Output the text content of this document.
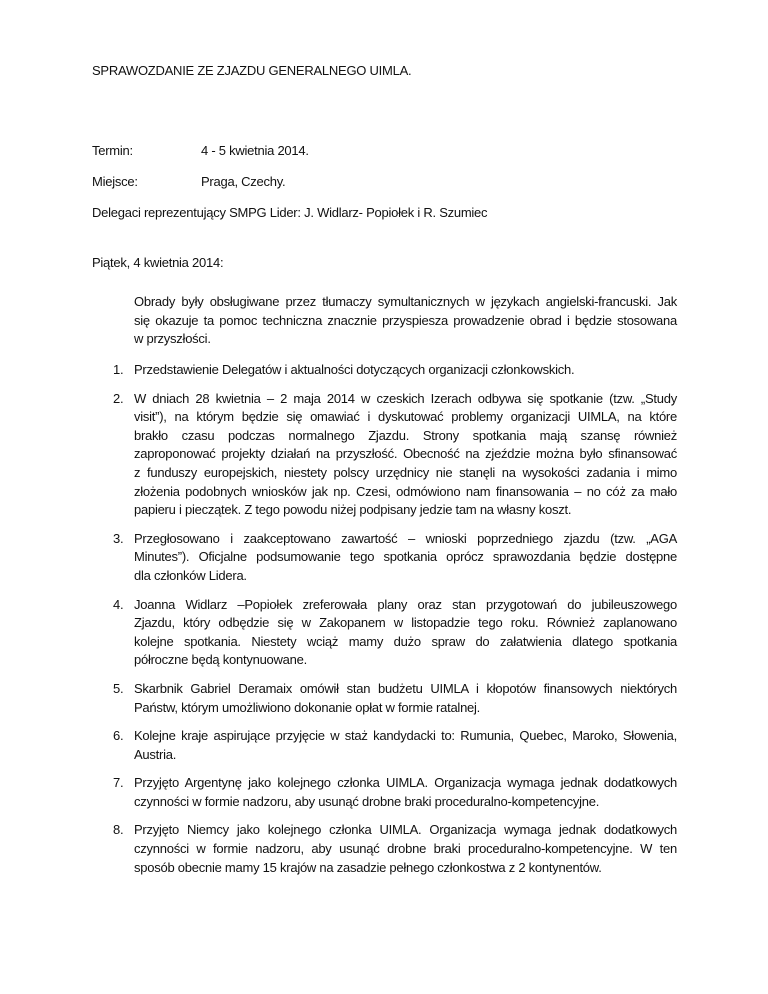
SPRAWOZDANIE ZE ZJAZDU GENERALNEGO UIMLA.
Termin:	4 - 5 kwietnia 2014.
Miejsce:	Praga, Czechy.
Delegaci reprezentujący SMPG Lider: J. Widlarz- Popiołek i R. Szumiec
Piątek, 4 kwietnia 2014:
Obrady były obsługiwane przez tłumaczy symultanicznych w językach angielski-francuski. Jak
się okazuje ta pomoc techniczna znacznie przyspiesza prowadzenie obrad i będzie stosowana
w przyszłości.
1. Przedstawienie Delegatów i aktualności dotyczących organizacji członkowskich.
2. W dniach 28 kwietnia – 2 maja 2014 w czeskich Izerach odbywa się spotkanie (tzw. „Study
visit”), na którym będzie się omawiać i dyskutować problemy organizacji UIMLA, na które
brakło czasu podczas normalnego Zjazdu. Strony spotkania mają szansę również
zaproponować projekty działań na przyszłość. Obecność na zjeździe można było sfinansować
z funduszy europejskich, niestety polscy urzędnicy nie stanęli na wysokości zadania i mimo
złożenia podobnych wniosków jak np. Czesi, odmówiono nam finansowania – no cóż za mało
papieru i pieczątek. Z tego powodu niżej podpisany jedzie tam na własny koszt.
3. Przegłosowano i zaakceptowano zawartość – wnioski poprzedniego zjazdu (tzw. „AGA
Minutes”). Oficjalne podsumowanie tego spotkania oprócz sprawozdania będzie dostępne
dla członków Lidera.
4. Joanna Widlarz –Popiołek zreferowała plany oraz stan przygotowań do jubileuszowego
Zjazdu, który odbędzie się w Zakopanem w listopadzie tego roku. Również zaplanowano
kolejne spotkania. Niestety wciąż mamy dużo spraw do załatwienia dlatego spotkania
półroczne będą kontynuowane.
5. Skarbnik Gabriel Deramaix omówił stan budżetu UIMLA i kłopotów finansowych niektórych
Państw, którym umożliwiono dokonanie opłat w formie ratalnej.
6. Kolejne kraje aspirujące przyjęcie w staż kandydacki to: Rumunia, Quebec, Maroko, Słowenia,
Austria.
7. Przyjęto Argentynę jako kolejnego członka UIMLA. Organizacja wymaga jednak dodatkowych
czynności w formie nadzoru, aby usunąć drobne braki proceduralno-kompetencyjne.
8. Przyjęto Niemcy jako kolejnego członka UIMLA. Organizacja wymaga jednak dodatkowych
czynności w formie nadzoru, aby usunąć drobne braki proceduralno-kompetencyjne. W ten
sposób obecnie mamy 15 krajów na zasadzie pełnego członkostwa z 2 kontynentów.
